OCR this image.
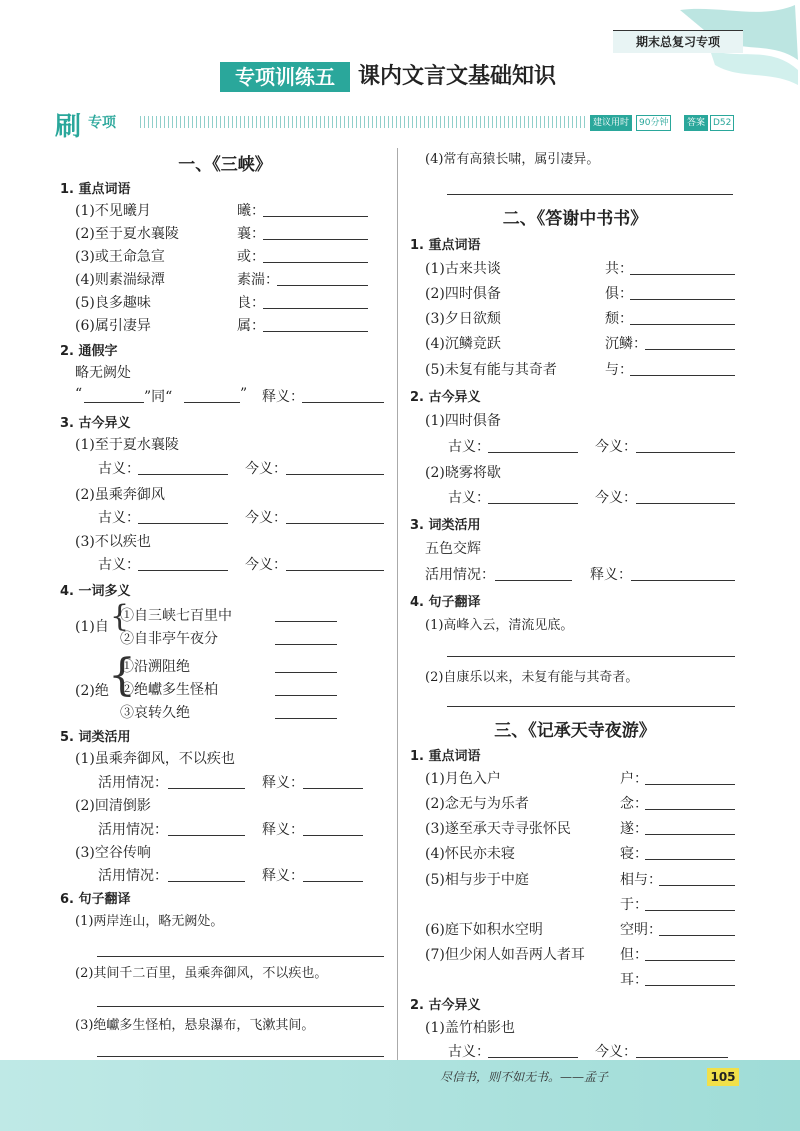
期末总复习专项
专项训练五	课内文言文基础知识
刷 专项	建议用时	90分钟	答案 D52
一、《三峡》
1. 重点词语
(1)不见曦月	曦：
(2)至于夏水襄陵	襄：
(3)或王命急宣	或：
(4)则素湍绿潭	素湍：
(5)良多趣味	良：
(6)属引凄异	属：
2. 通假字
略无阙处
“	”同“	” 释义：
3. 古今异义
(1)至于夏水襄陵
古义：	今义：
(2)虽乘奔御风
古义：	今义：
(3)不以疾也
古义：	今义：
4. 一词多义
(1)自 {
①自三峡七百里中
②自非亭午夜分
(2)绝 {
①沿溯阻绝
②绝巘多生怪柏
③哀转久绝
5. 词类活用
(1)虽乘奔御风，不以疾也
活用情况：	释义：
(2)回清倒影
活用情况：	释义：
(3)空谷传响
活用情况：	释义：
6. 句子翻译
(1)两岸连山，略无阙处。
(2)其间千二百里，虽乘奔御风，不以疾也。
(3)绝巘多生怪柏，悬泉瀑布，飞漱其间。
(4)常有高猿长啸，属引凄异。
二、《答谢中书书》
1. 重点词语
(1)古来共谈	共：
(2)四时俱备	俱：
(3)夕日欲颓	颓：
(4)沉鳞竞跃	沉鳞：
(5)未复有能与其奇者	与：
2. 古今异义
(1)四时俱备
古义：	今义：
(2)晓雾将歇
古义：	今义：
3. 词类活用
五色交辉
活用情况：	释义：
4. 句子翻译
(1)高峰入云，清流见底。
(2)自康乐以来，未复有能与其奇者。
三、《记承天寺夜游》
1. 重点词语
(1)月色入户	户：
(2)念无与为乐者	念：
(3)遂至承天寺寻张怀民	遂：
(4)怀民亦未寝	寝：
(5)相与步于中庭	相与：
于：
(6)庭下如积水空明	空明：
(7)但少闲人如吾两人者耳	但：
耳：
2. 古今异义
(1)盖竹柏影也
古义：	今义：
尽信书，则不如无书。——孟子	105
